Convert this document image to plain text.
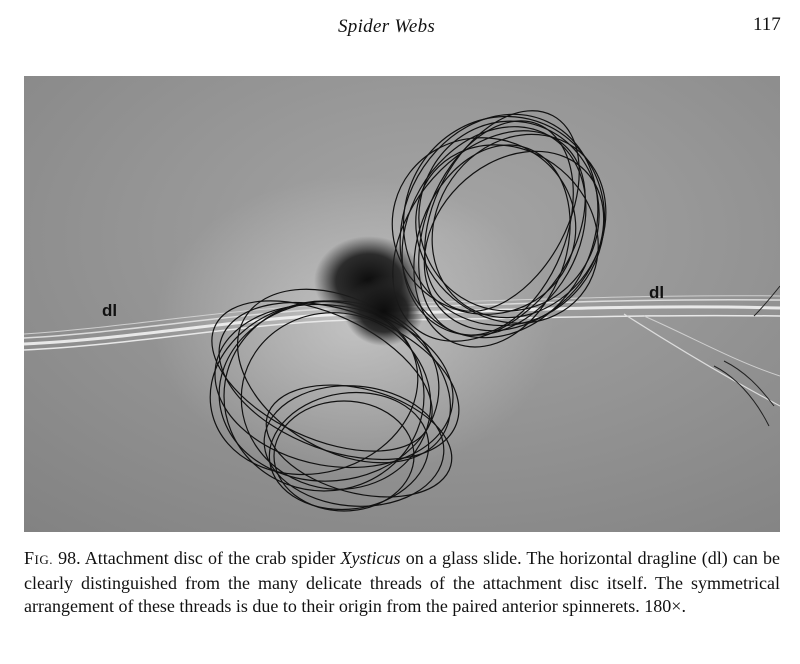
Spider Webs	117
dl
dl
FIG. 98. Attachment disc of the crab spider Xysticus on a glass slide. The horizontal dragline (dl) can be clearly distinguished from the many delicate threads of the attachment disc itself. The symmetrical arrangement of these threads is due to their origin from the paired anterior spinnerets. 180×.
